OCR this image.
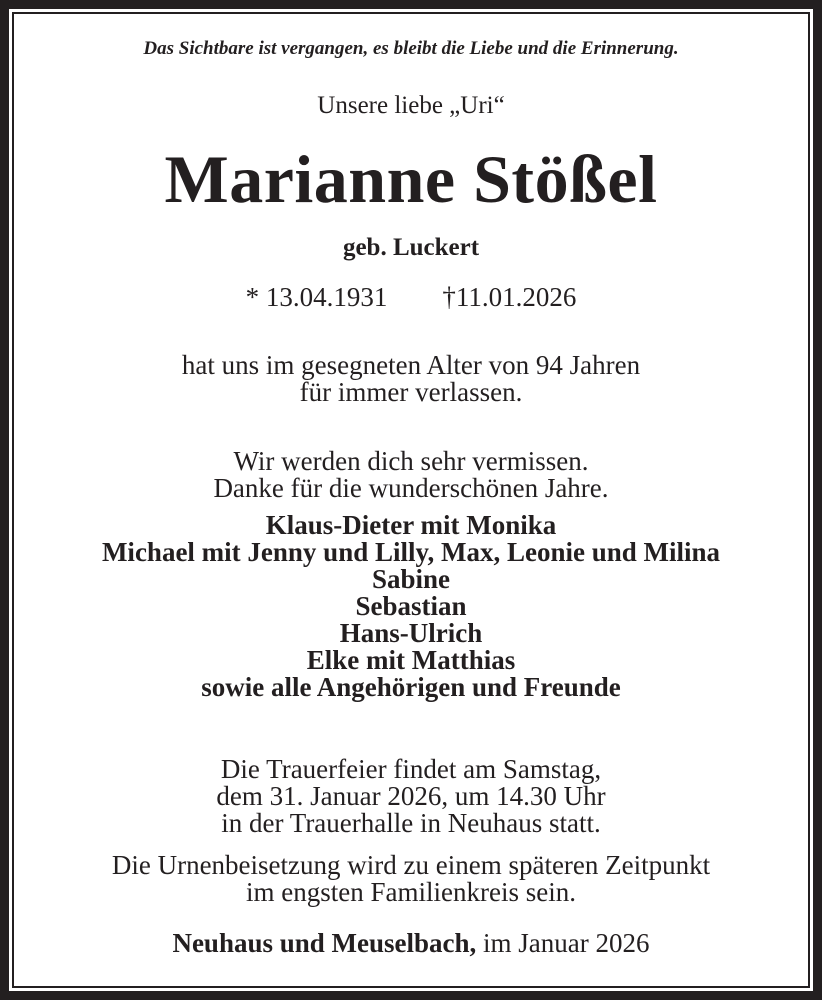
Das Sichtbare ist vergangen, es bleibt die Liebe und die Erinnerung.
Unsere liebe „Uri“
Marianne Stößel
geb. Luckert
* 13.04.1931 †11.01.2026
hat uns im gesegneten Alter von 94 Jahren
für immer verlassen.
Wir werden dich sehr vermissen.
Danke für die wunderschönen Jahre.
Klaus-Dieter mit Monika
Michael mit Jenny und Lilly, Max, Leonie und Milina
Sabine
Sebastian
Hans-Ulrich
Elke mit Matthias
sowie alle Angehörigen und Freunde
Die Trauerfeier findet am Samstag,
dem 31. Januar 2026, um 14.30 Uhr
in der Trauerhalle in Neuhaus statt.
Die Urnenbeisetzung wird zu einem späteren Zeitpunkt
im engsten Familienkreis sein.
Neuhaus und Meuselbach, im Januar 2026
